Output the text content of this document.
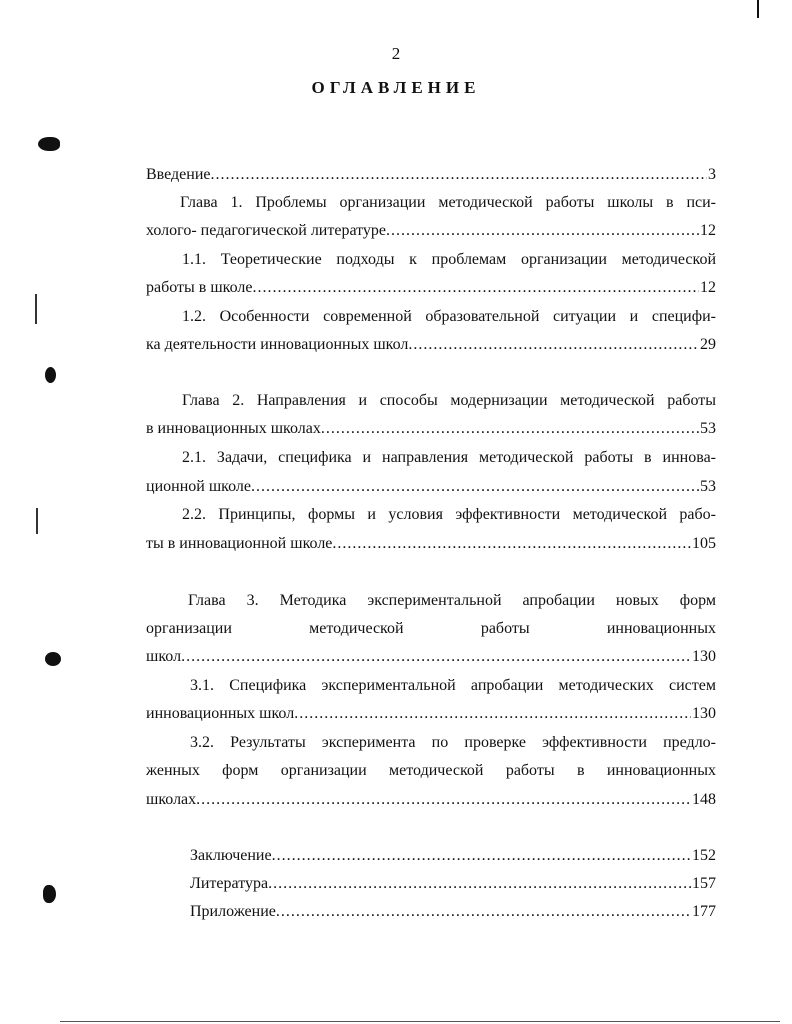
2
ОГЛАВЛЕНИЕ
Введение .....	3
Глава 1. Проблемы организации методической работы школы в пси-
холого- педагогической литературе .....	12
1.1. Теоретические подходы к проблемам организации методической
работы в школе .....	12
1.2. Особенности современной образовательной ситуации и специфи-
ка деятельности инновационных школ .....	29
Глава 2. Направления и способы модернизации методической работы
в инновационных школах .....	53
2.1. Задачи, специфика и направления методической работы в иннова-
ционной школе .....	53
2.2. Принципы, формы и условия эффективности методической рабо-
ты в инновационной школе .....	105
Глава 3. Методика экспериментальной апробации новых форм
организации методической работы инновационных
школ .....	130
3.1. Специфика экспериментальной апробации методических систем
инновационных школ .....	130
3.2. Результаты эксперимента по проверке эффективности предло-
женных форм организации методической работы в инновационных
школах .....	148
Заключение .....	152
Литература .....	157
Приложение .....	177
